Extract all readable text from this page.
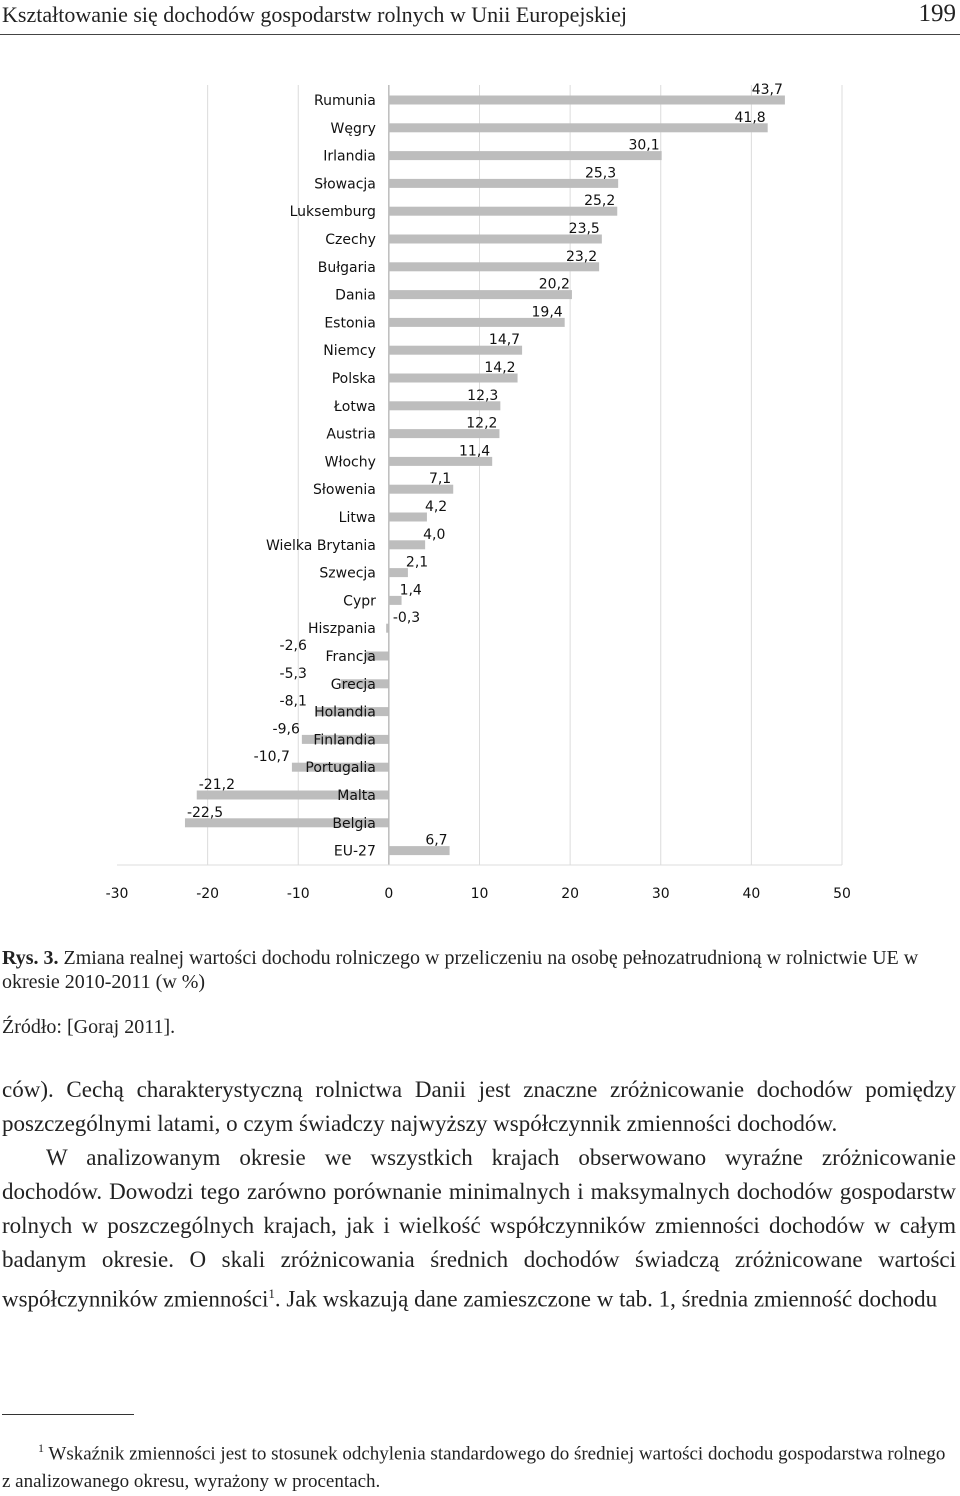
Kształtowanie się dochodów gospodarstw rolnych w Unii Europejskiej	199
Rumunia
43,7
Węgry
41,8
Irlandia
30,1
Słowacja
25,3
Luksemburg
25,2
Czechy
23,5
Bułgaria
23,2
Dania
20,2
Estonia
19,4
Niemcy
14,7
Polska
14,2
Łotwa
12,3
Austria
12,2
Włochy
11,4
Słowenia
7,1
Litwa
4,2
Wielka Brytania
4,0
Szwecja
2,1
Cypr
1,4
Hiszpania
-0,3
Francja
-2,6
Grecja
-5,3
Holandia
-8,1
Finlandia
-9,6
Portugalia
-10,7
Malta
-21,2
Belgia
-22,5
EU-27
6,7
-30	-20	-10	0	10	20	30	40	50
Rys. 3. Zmiana realnej wartości dochodu rolniczego w przeliczeniu na osobę pełnozatrudnioną w rolnictwie UE w okresie 2010-2011 (w %)
Źródło: [Goraj 2011].

ców). Cechą charakterystyczną rolnictwa Danii jest znaczne zróżnicowanie dochodów pomiędzy poszczególnymi latami, o czym świadczy najwyższy współczynnik zmienności dochodów.

W analizowanym okresie we wszystkich krajach obserwowano wyraźne zróżnicowanie dochodów. Dowodzi tego zarówno porównanie minimalnych i maksymalnych dochodów gospodarstw rolnych w poszczególnych krajach, jak i wielkość współczynników zmienności dochodów w całym badanym okresie. O skali zróżnicowania średnich dochodów świadczą zróżnicowane wartości współczynników zmienności$^1$. Jak wskazują dane zamieszczone w tab. 1, średnia zmienność dochodu

$^1$ Wskaźnik zmienności jest to stosunek odchylenia standardowego do średniej wartości dochodu gospodarstwa rolnego z analizowanego okresu, wyrażony w procentach.
